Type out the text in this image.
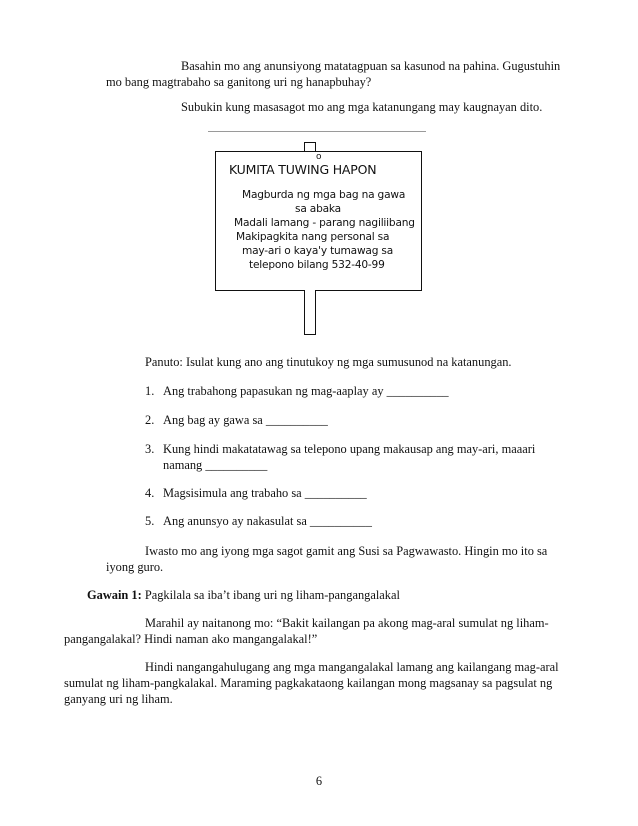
Basahin mo ang anunsiyong matatagpuan sa kasunod na pahina. Gugustuhin
mo bang magtrabaho sa ganitong uri ng hanapbuhay?
Subukin kung masasagot mo ang mga katanungang may kaugnayan dito.
o
KUMITA TUWING HAPON
Magburda ng mga bag na gawa
sa abaka
Madali lamang - parang nagiliibang
Makipagkita nang personal sa
may-ari o kaya'y tumawag sa
telepono bilang 532-40-99
Panuto: Isulat kung ano ang tinutukoy ng mga sumusunod na katanungan.
1. Ang trabahong papasukan ng mag-aaplay ay __________
2. Ang bag ay gawa sa __________
3. Kung hindi makatatawag sa telepono upang makausap ang may-ari, maaari
namang __________
4. Magsisimula ang trabaho sa __________
5. Ang anunsyo ay nakasulat sa __________
Iwasto mo ang iyong mga sagot gamit ang Susi sa Pagwawasto. Hingin mo ito sa
iyong guro.
Gawain 1: Pagkilala sa iba’t ibang uri ng liham-pangangalakal
Marahil ay naitanong mo: “Bakit kailangan pa akong mag-aral sumulat ng liham-
pangangalakal? Hindi naman ako mangangalakal!”
Hindi nangangahulugang ang mga mangangalakal lamang ang kailangang mag-aral
sumulat ng liham-pangkalakal. Maraming pagkakataong kailangan mong magsanay sa pagsulat ng
ganyang uri ng liham.
6
